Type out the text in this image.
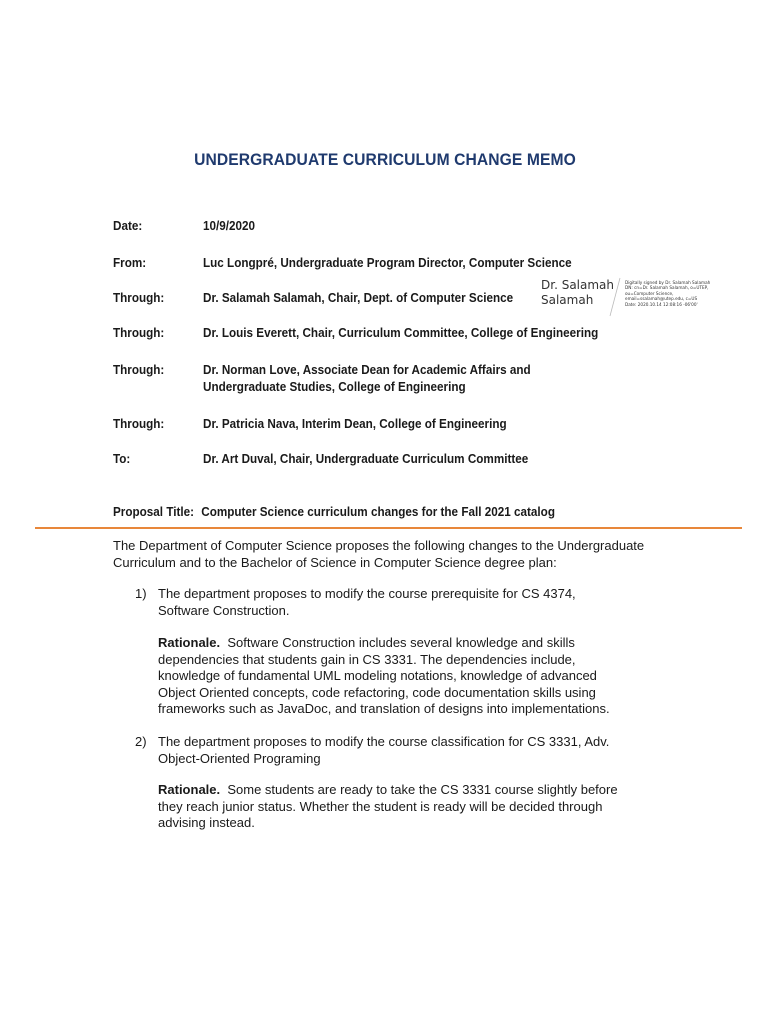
UNDERGRADUATE CURRICULUM CHANGE MEMO
Date:	10/9/2020
From:	Luc Longpré, Undergraduate Program Director, Computer Science
Through:	Dr. Salamah Salamah, Chair, Dept. of Computer Science
Dr. Salamah
Salamah
Digitally signed by Dr. Salamah Salamah
DN: cn=Dr. Salamah Salamah, o=UTEP,
ou=Computer Science,
email=ssalamah@utep.edu, c=US
Date: 2020.10.14 12:08:16 -06'00'
Through:	Dr. Louis Everett, Chair, Curriculum Committee, College of Engineering
Through:	Dr. Norman Love, Associate Dean for Academic Affairs and
Undergraduate Studies, College of Engineering
Through:	Dr. Patricia Nava, Interim Dean, College of Engineering
To:	Dr. Art Duval, Chair, Undergraduate Curriculum Committee
Proposal Title: Computer Science curriculum changes for the Fall 2021 catalog
The Department of Computer Science proposes the following changes to the Undergraduate
Curriculum and to the Bachelor of Science in Computer Science degree plan:
1) The department proposes to modify the course prerequisite for CS 4374,
Software Construction.
Rationale. Software Construction includes several knowledge and skills
dependencies that students gain in CS 3331. The dependencies include,
knowledge of fundamental UML modeling notations, knowledge of advanced
Object Oriented concepts, code refactoring, code documentation skills using
frameworks such as JavaDoc, and translation of designs into implementations.
2) The department proposes to modify the course classification for CS 3331, Adv.
Object-Oriented Programing
Rationale. Some students are ready to take the CS 3331 course slightly before
they reach junior status. Whether the student is ready will be decided through
advising instead.
